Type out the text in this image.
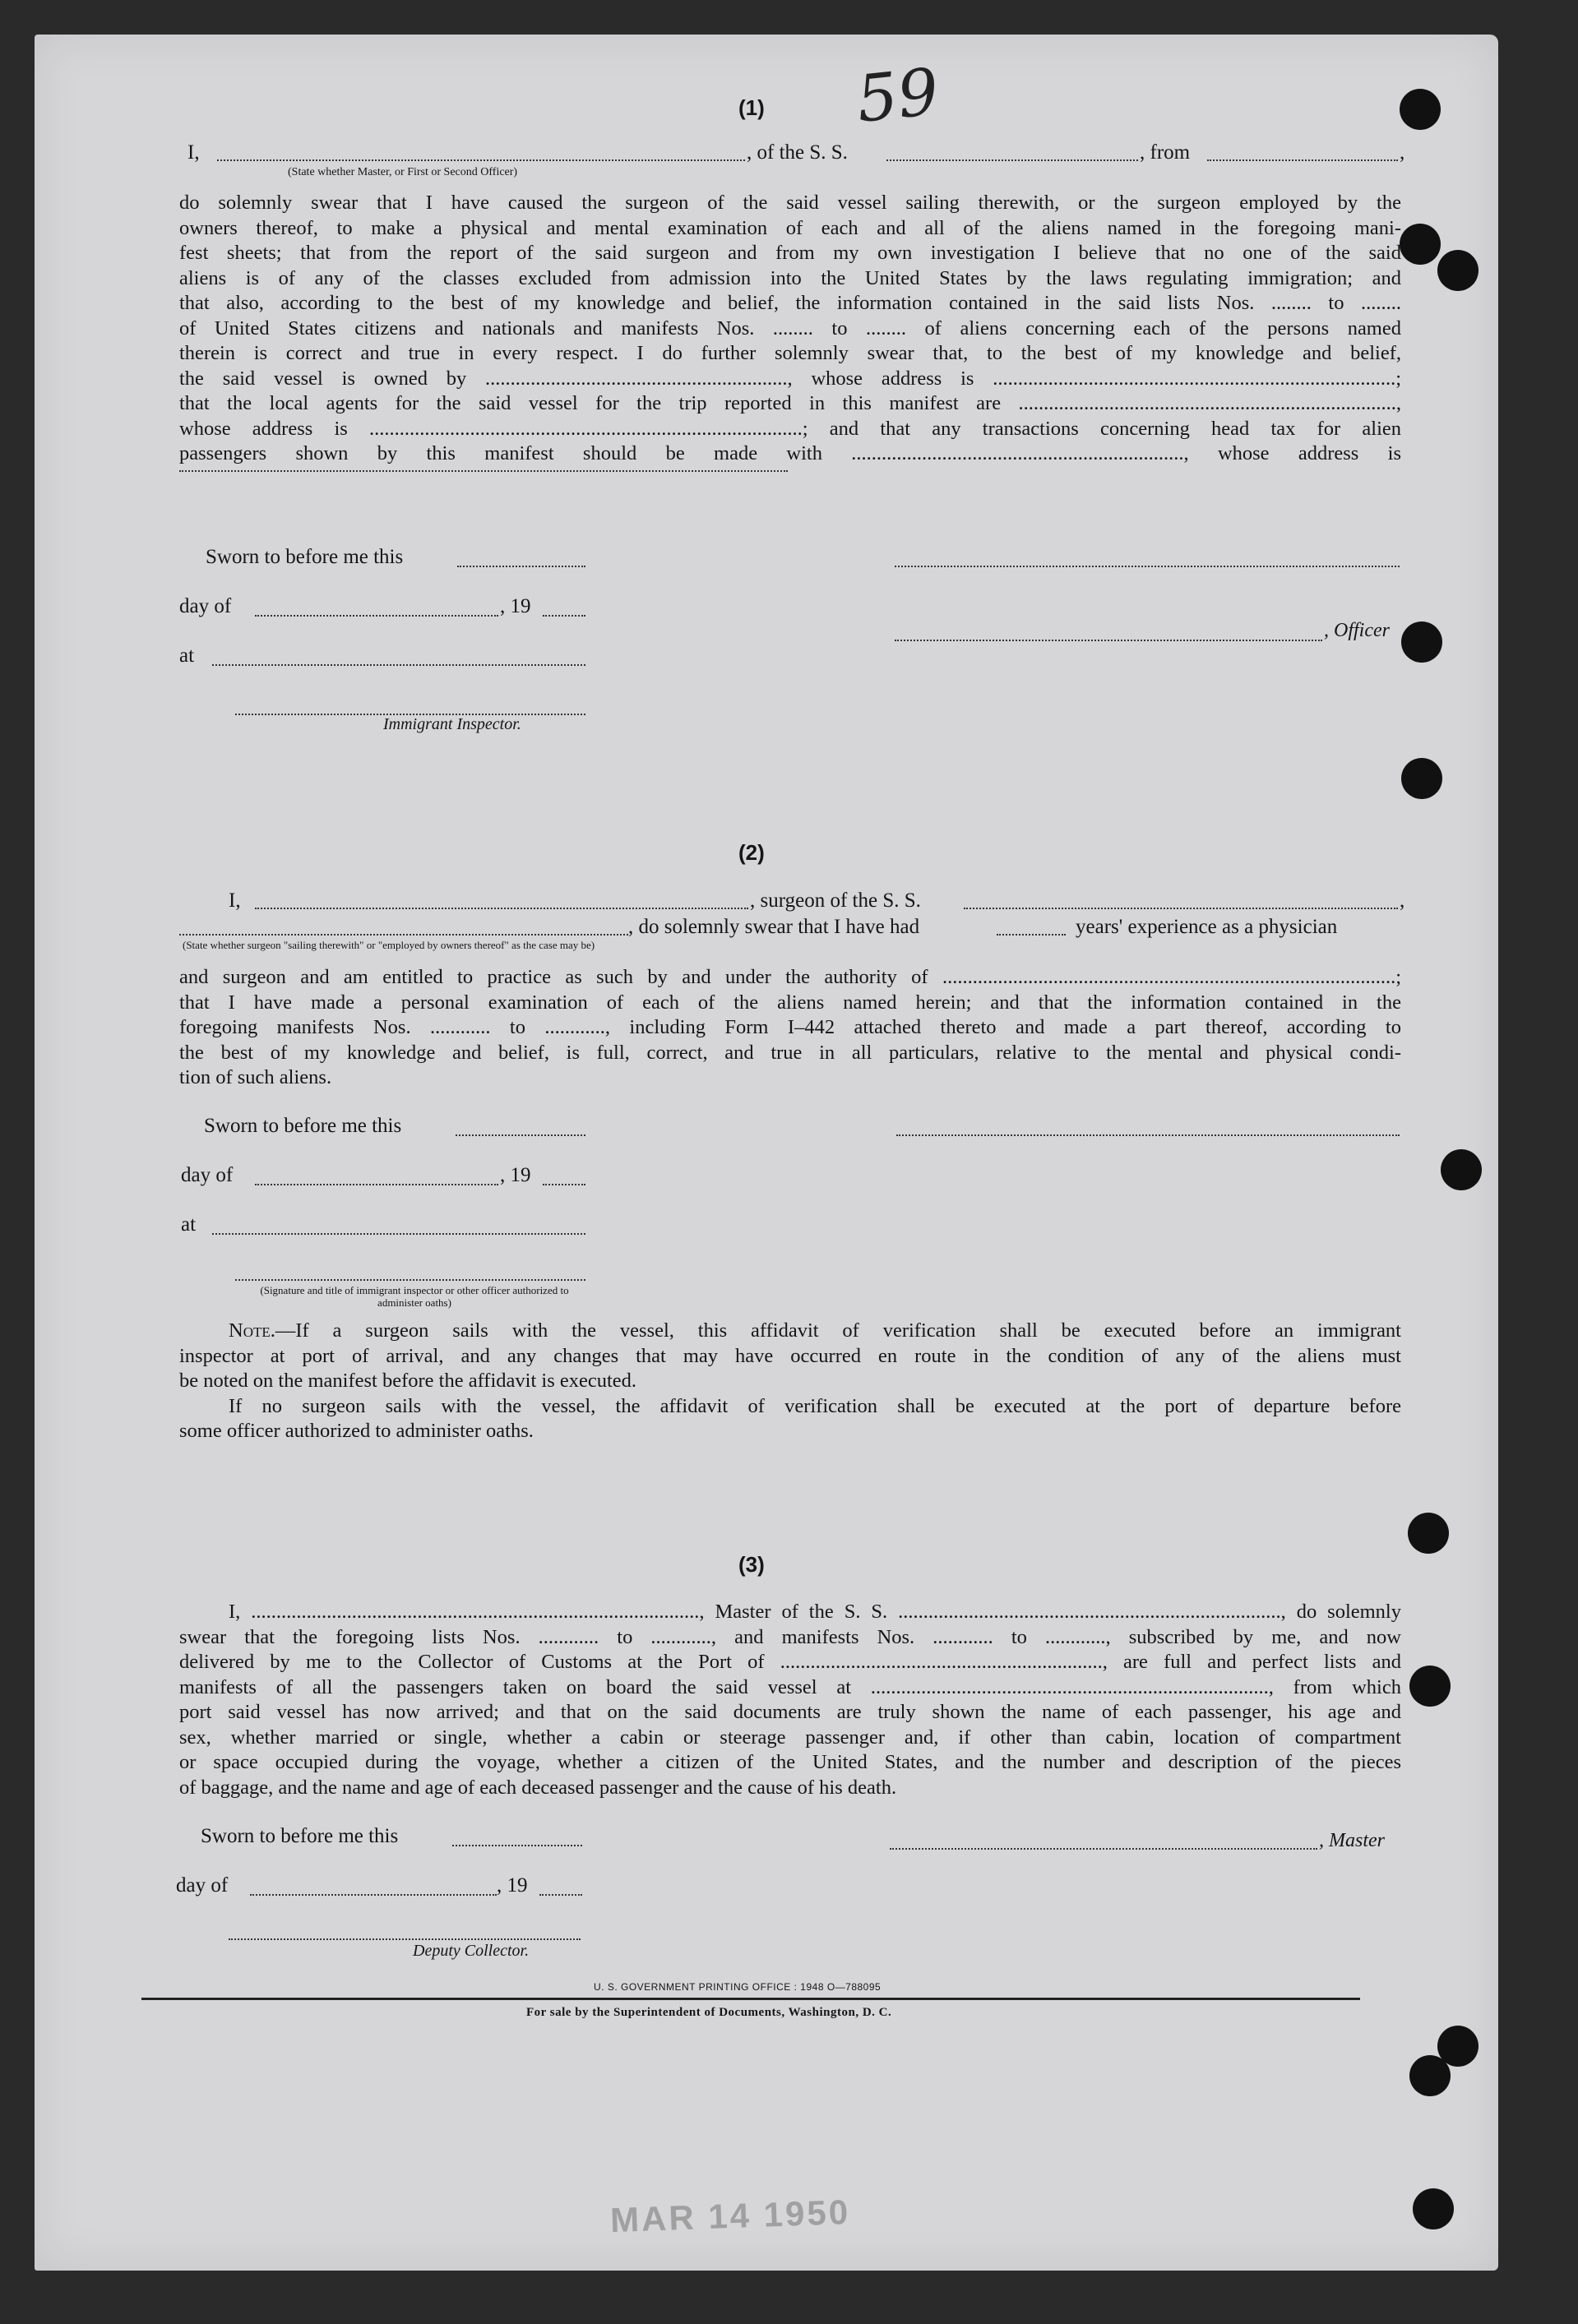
59
(1)
I,	, of the S. S.	, from	,
(State whether Master, or First or Second Officer)
do solemnly swear that I have caused the surgeon of the said vessel sailing therewith, or the surgeon employed by the
owners thereof, to make a physical and mental examination of each and all of the aliens named in the foregoing mani-
fest sheets; that from the report of the said surgeon and from my own investigation I believe that no one of the said
aliens is of any of the classes excluded from admission into the United States by the laws regulating immigration; and
that also, according to the best of my knowledge and belief, the information contained in the said lists Nos. ........ to ........
of United States citizens and nationals and manifests Nos. ........ to ........ of aliens concerning each of the persons named
therein is correct and true in every respect. I do further solemnly swear that, to the best of my knowledge and belief,
the said vessel is owned by ............................................................, whose address is ................................................................................;
that the local agents for the said vessel for the trip reported in this manifest are ...........................................................................,
whose address is ......................................................................................; and that any transactions concerning head tax for alien
passengers shown by this manifest should be made with .................................................................., whose address is
Sworn to before me this
day of	, 19
, Officer
at
Immigrant Inspector.
(2)
I,	, surgeon of the S. S.	,
, do solemnly swear that I have had	years' experience as a physician
(State whether surgeon "sailing therewith" or "employed by owners thereof" as the case may be)
and surgeon and am entitled to practice as such by and under the authority of ..........................................................................................;
that I have made a personal examination of each of the aliens named herein; and that the information contained in the
foregoing manifests Nos. ............ to ............, including Form I–442 attached thereto and made a part thereof, according to
the best of my knowledge and belief, is full, correct, and true in all particulars, relative to the mental and physical condi-
tion of such aliens.
Sworn to before me this
day of	, 19
at
(Signature and title of immigrant inspector or other officer authorized to administer oaths)
Note.—If a surgeon sails with the vessel, this affidavit of verification shall be executed before an immigrant
inspector at port of arrival, and any changes that may have occurred en route in the condition of any of the aliens must
be noted on the manifest before the affidavit is executed.
If no surgeon sails with the vessel, the affidavit of verification shall be executed at the port of departure before
some officer authorized to administer oaths.
(3)
I, ........................................................................................., Master of the S. S. ............................................................................, do solemnly
swear that the foregoing lists Nos. ............ to ............, and manifests Nos. ............ to ............, subscribed by me, and now
delivered by me to the Collector of Customs at the Port of ................................................................, are full and perfect lists and
manifests of all the passengers taken on board the said vessel at ..............................................................................., from which
port said vessel has now arrived; and that on the said documents are truly shown the name of each passenger, his age and
sex, whether married or single, whether a cabin or steerage passenger and, if other than cabin, location of compartment
or space occupied during the voyage, whether a citizen of the United States, and the number and description of the pieces
of baggage, and the name and age of each deceased passenger and the cause of his death.
Sworn to before me this	, Master
day of	, 19
Deputy Collector.
U. S. GOVERNMENT PRINTING OFFICE : 1948 O—788095
For sale by the Superintendent of Documents, Washington, D. C.
MAR 14 1950
